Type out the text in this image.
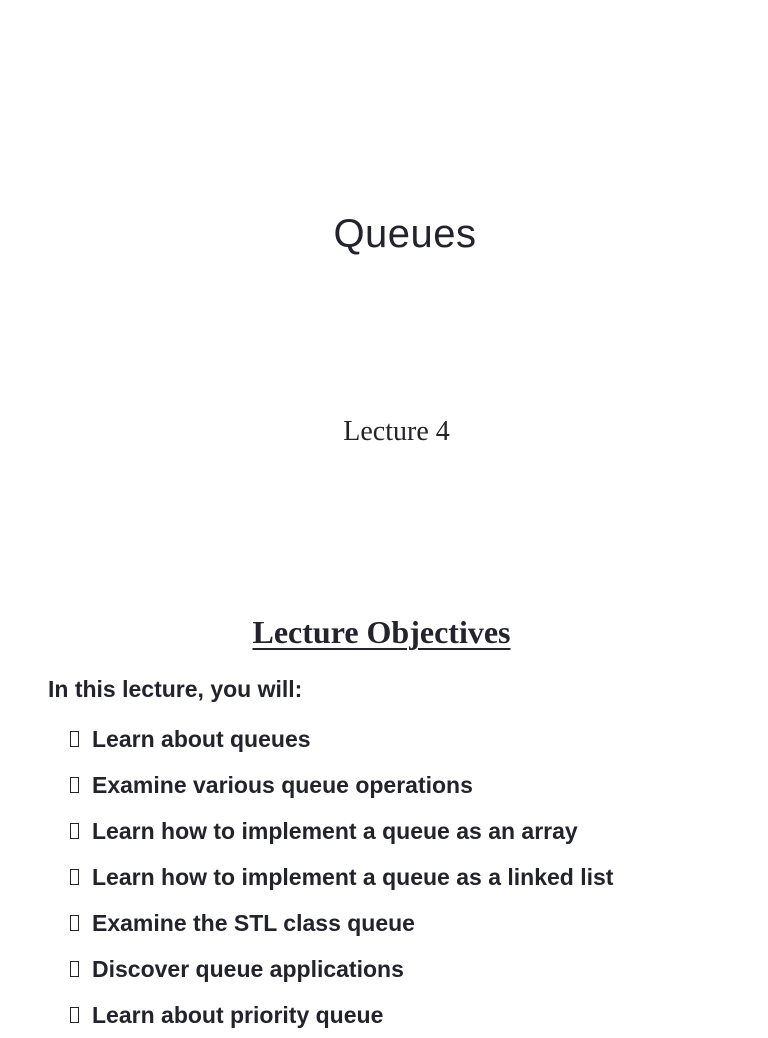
Queues
Lecture 4
Lecture Objectives
In this lecture, you will:
Learn about queues
Examine various queue operations
Learn how to implement a queue as an array
Learn how to implement a queue as a linked list
Examine the STL class queue
Discover queue applications
Learn about priority queue
